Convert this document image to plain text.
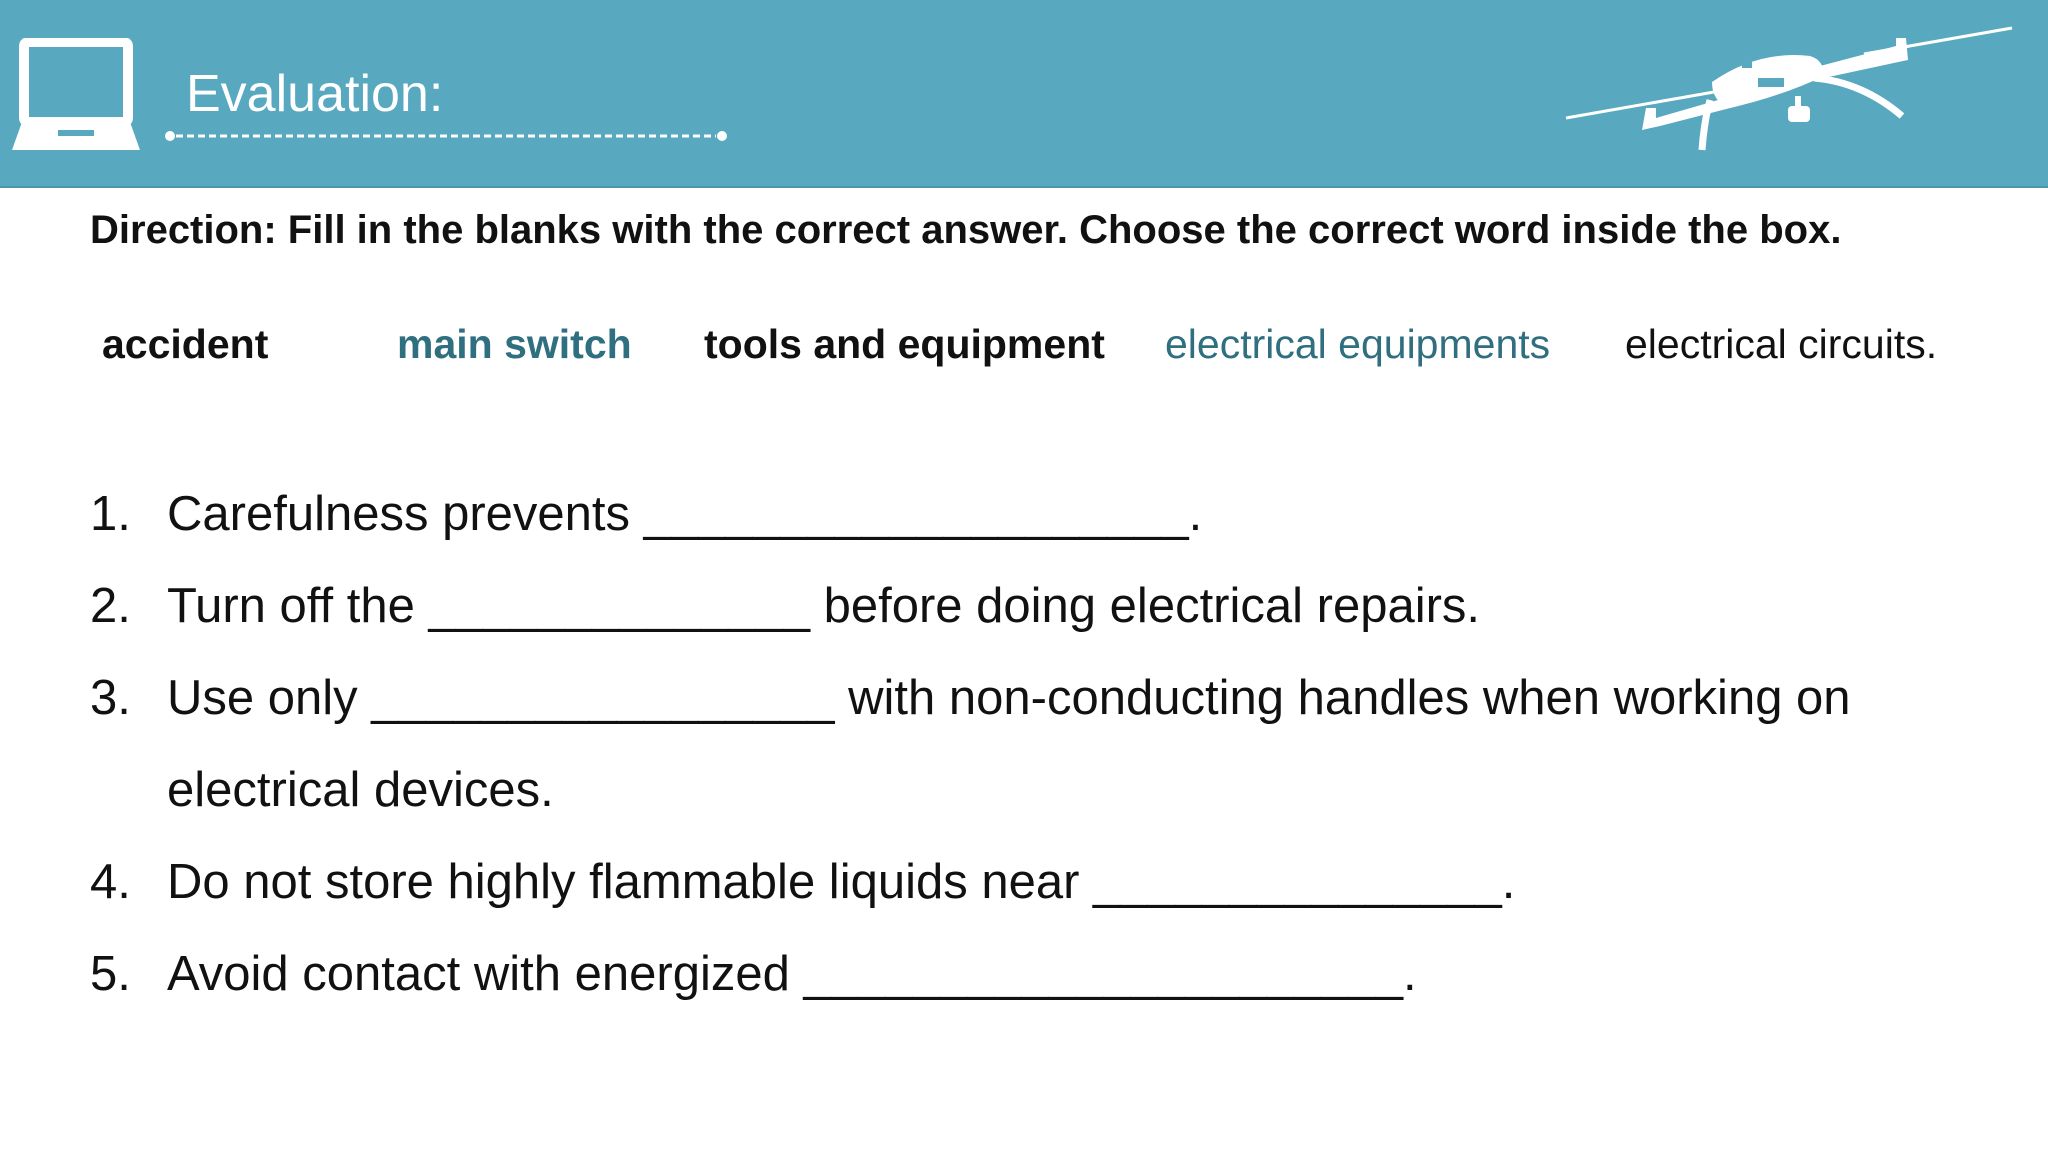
Evaluation:
Direction: Fill in the blanks with the correct answer. Choose the correct word inside the box.
accident	main switch tools and equipment electrical equipments electrical circuits.
1. Carefulness prevents ____________________.
2. Turn off the ______________ before doing electrical repairs.
3. Use only _________________ with non-conducting handles when working on
electrical devices.
4. Do not store highly flammable liquids near _______________.
5. Avoid contact with energized ______________________.
